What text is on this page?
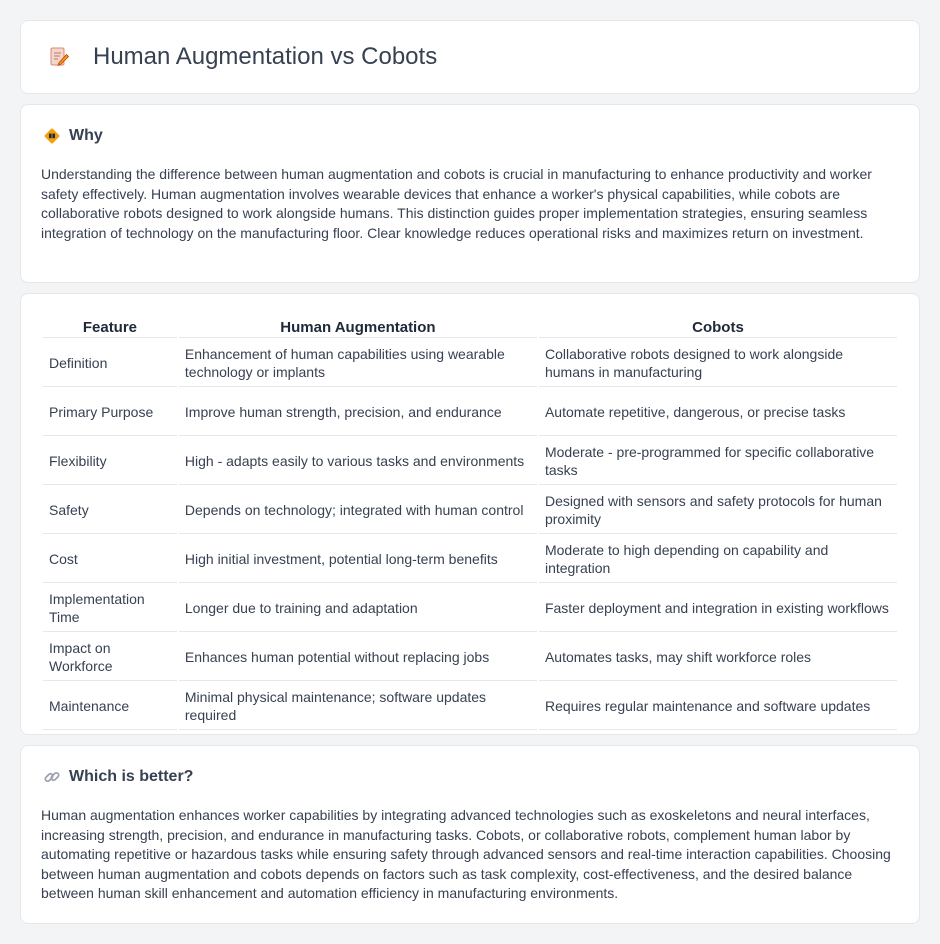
Human Augmentation vs Cobots
Why

Understanding the difference between human augmentation and cobots is crucial in manufacturing to enhance productivity and worker safety effectively. Human augmentation involves wearable devices that enhance a worker's physical capabilities, while cobots are collaborative robots designed to work alongside humans. This distinction guides proper implementation strategies, ensuring seamless integration of technology on the manufacturing floor. Clear knowledge reduces operational risks and maximizes return on investment.

Feature	Human Augmentation	Cobots
Definition	Enhancement of human capabilities using wearable technology or implants	Collaborative robots designed to work alongside humans in manufacturing
Primary Purpose	Improve human strength, precision, and endurance	Automate repetitive, dangerous, or precise tasks
Flexibility	High - adapts easily to various tasks and environments	Moderate - pre-programmed for specific collaborative tasks
Safety	Depends on technology; integrated with human control	Designed with sensors and safety protocols for human proximity
Cost	High initial investment, potential long-term benefits	Moderate to high depending on capability and integration
Implementation Time	Longer due to training and adaptation	Faster deployment and integration in existing workflows
Impact on Workforce	Enhances human potential without replacing jobs	Automates tasks, may shift workforce roles
Maintenance	Minimal physical maintenance; software updates required	Requires regular maintenance and software updates
Which is better?

Human augmentation enhances worker capabilities by integrating advanced technologies such as exoskeletons and neural interfaces, increasing strength, precision, and endurance in manufacturing tasks. Cobots, or collaborative robots, complement human labor by automating repetitive or hazardous tasks while ensuring safety through advanced sensors and real-time interaction capabilities. Choosing between human augmentation and cobots depends on factors such as task complexity, cost-effectiveness, and the desired balance between human skill enhancement and automation efficiency in manufacturing environments.
